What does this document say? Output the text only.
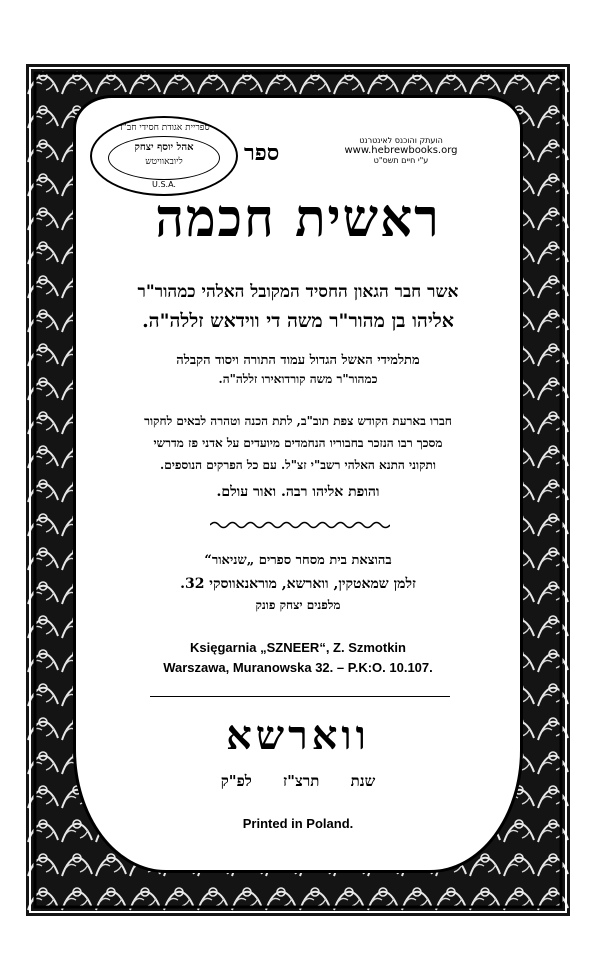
ספריית אגודת חסידי חב"ד
אהל יוסף יצחק
ליובאוויטש
U.S.A.
ספר	הועתק והוכנס לאינטרנט
www.hebrewbooks.org
ע"י חיים תשס"ט
ראשית חכמה
אשר חבר הגאון החסיד המקובל האלהי כמהור"ר
אליהו בן מהור"ר משה די ווידאש זללה"ה.
מתלמידי האשל הגדול עמוד התורה ויסוד הקבלה
כמהור"ר משה קורדואירו זללה"ה.
חברו בארעת הקודש צפת תוב"ב, לתת הכנה וטהרה לבאים לחקור
מסכך רבו הנזכר בחבוריו הנחמדים מיועדים על אדני פז מדרשי
ותקוני התנא האלהי רשב"י זצ"ל. עם כל הפרקים הנוספים.
והופת אליהו רבה. ואור עולם.
בהוצאת בית מסחר ספרים „שניאור“
זלמן שמאטקין, ווארשא, מוראנאווסקי 32.
מלפנים יצחק פונק
Księgarnia „SZNEER“, Z. Szmotkin
Warszawa, Muranowska 32. – P.K:O. 10.107.
ווארשא
שנת תרצ"ז לפ"ק
Printed in Poland.
